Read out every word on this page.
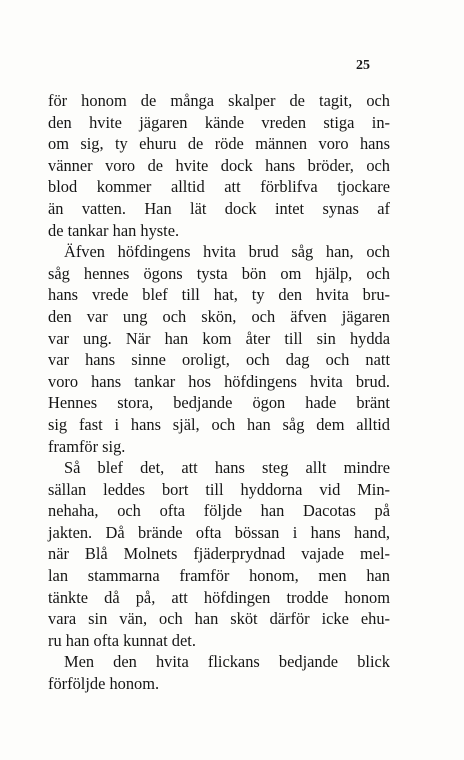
25
för honom de många skalper de tagit, och
den hvite jägaren kände vreden stiga in-
om sig, ty ehuru de röde männen voro hans
vänner voro de hvite dock hans bröder, och
blod kommer alltid att förblifva tjockare
än vatten. Han lät dock intet synas af
de tankar han hyste.
Äfven höfdingens hvita brud såg han, och
såg hennes ögons tysta bön om hjälp, och
hans vrede blef till hat, ty den hvita bru-
den var ung och skön, och äfven jägaren
var ung. När han kom åter till sin hydda
var hans sinne oroligt, och dag och natt
voro hans tankar hos höfdingens hvita brud.
Hennes stora, bedjande ögon hade bränt
sig fast i hans själ, och han såg dem alltid
framför sig.
Så blef det, att hans steg allt mindre
sällan leddes bort till hyddorna vid Min-
nehaha, och ofta följde han Dacotas på
jakten. Då brände ofta bössan i hans hand,
när Blå Molnets fjäderprydnad vajade mel-
lan stammarna framför honom, men han
tänkte då på, att höfdingen trodde honom
vara sin vän, och han sköt därför icke ehu-
ru han ofta kunnat det.
Men den hvita flickans bedjande blick
förföljde honom.
